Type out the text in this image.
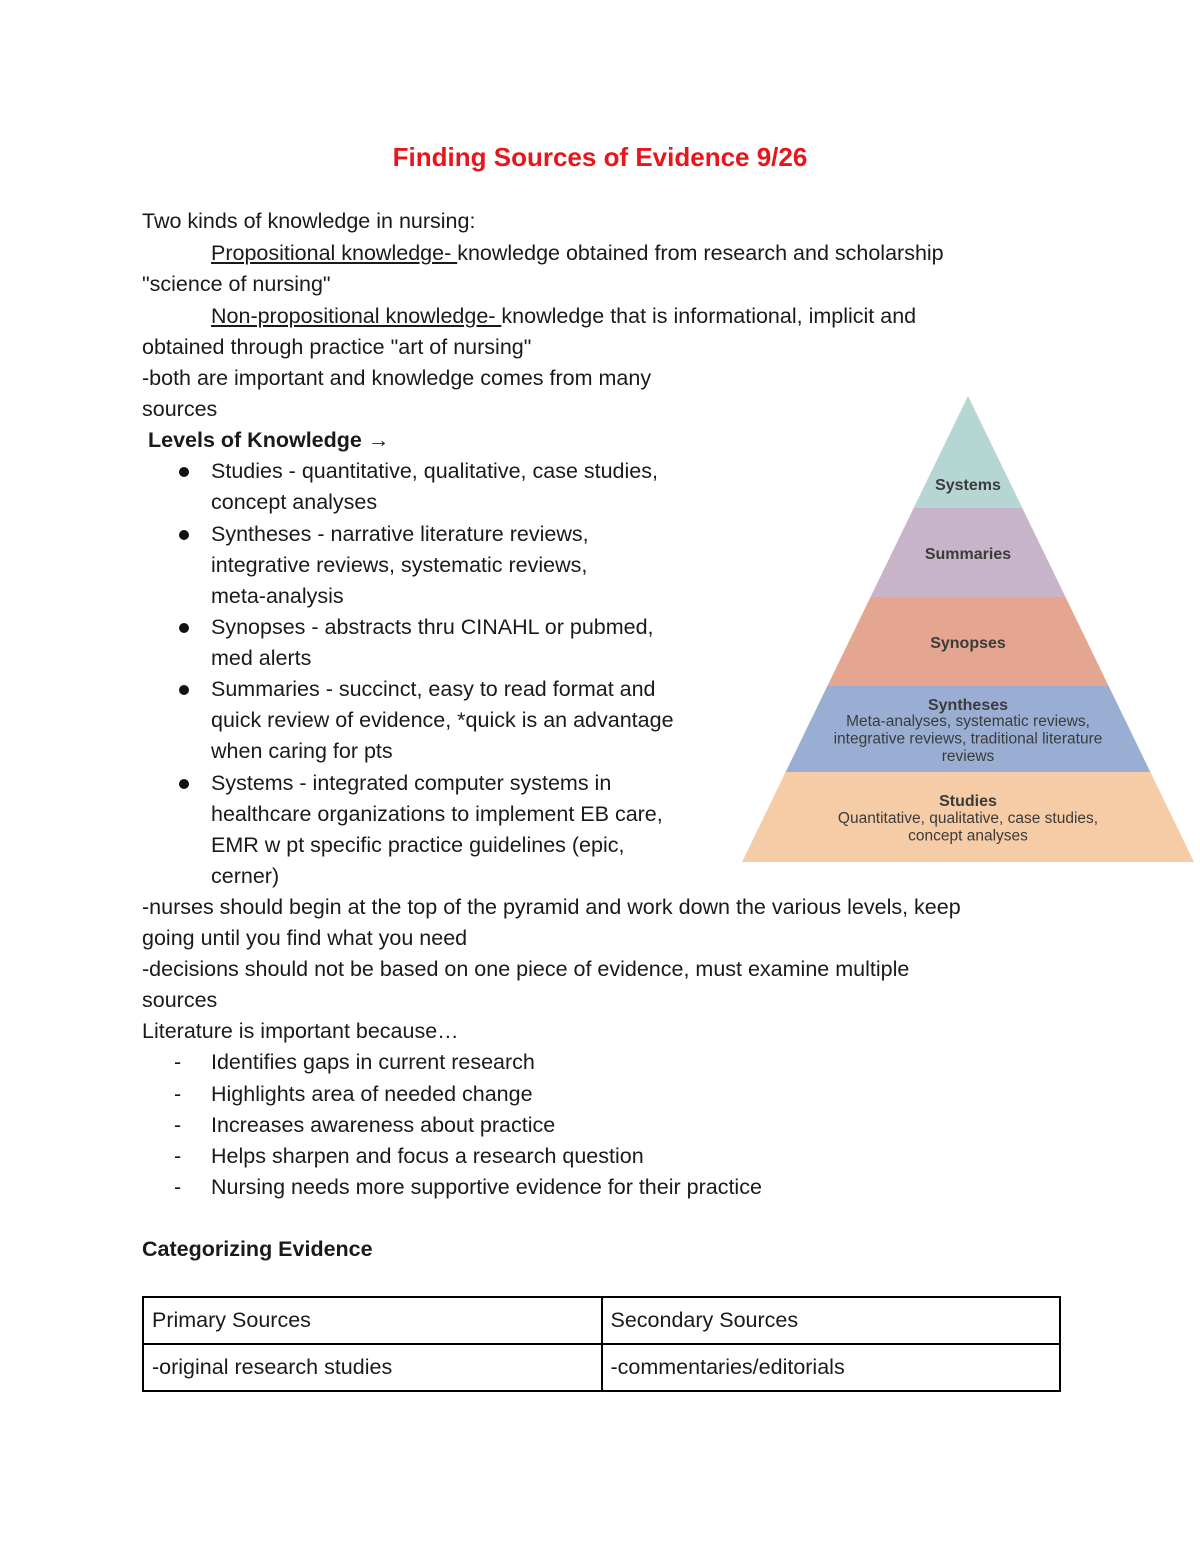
Finding Sources of Evidence 9/26
Two kinds of knowledge in nursing:
Propositional knowledge- knowledge obtained from research and scholarship
"science of nursing"
Non-propositional knowledge- knowledge that is informational, implicit and
obtained through practice "art of nursing"
-both are important and knowledge comes from many
sources
Levels of Knowledge →
Studies - quantitative, qualitative, case studies,
concept analyses
Syntheses - narrative literature reviews,
integrative reviews, systematic reviews,
meta-analysis
Synopses - abstracts thru CINAHL or pubmed,
med alerts
Summaries - succinct, easy to read format and
quick review of evidence, *quick is an advantage
when caring for pts
Systems - integrated computer systems in
healthcare organizations to implement EB care,
EMR w pt specific practice guidelines (epic,
cerner)
Systems
Summaries
Synopses
Syntheses
Meta-analyses, systematic reviews,
integrative reviews, traditional literature
reviews
Studies
Quantitative, qualitative, case studies,
concept analyses
-nurses should begin at the top of the pyramid and work down the various levels, keep
going until you find what you need
-decisions should not be based on one piece of evidence, must examine multiple
sources
Literature is important because…
- Identifies gaps in current research
- Highlights area of needed change
- Increases awareness about practice
- Helps sharpen and focus a research question
- Nursing needs more supportive evidence for their practice
Categorizing Evidence
Primary Sources	Secondary Sources
-original research studies	-commentaries/editorials
